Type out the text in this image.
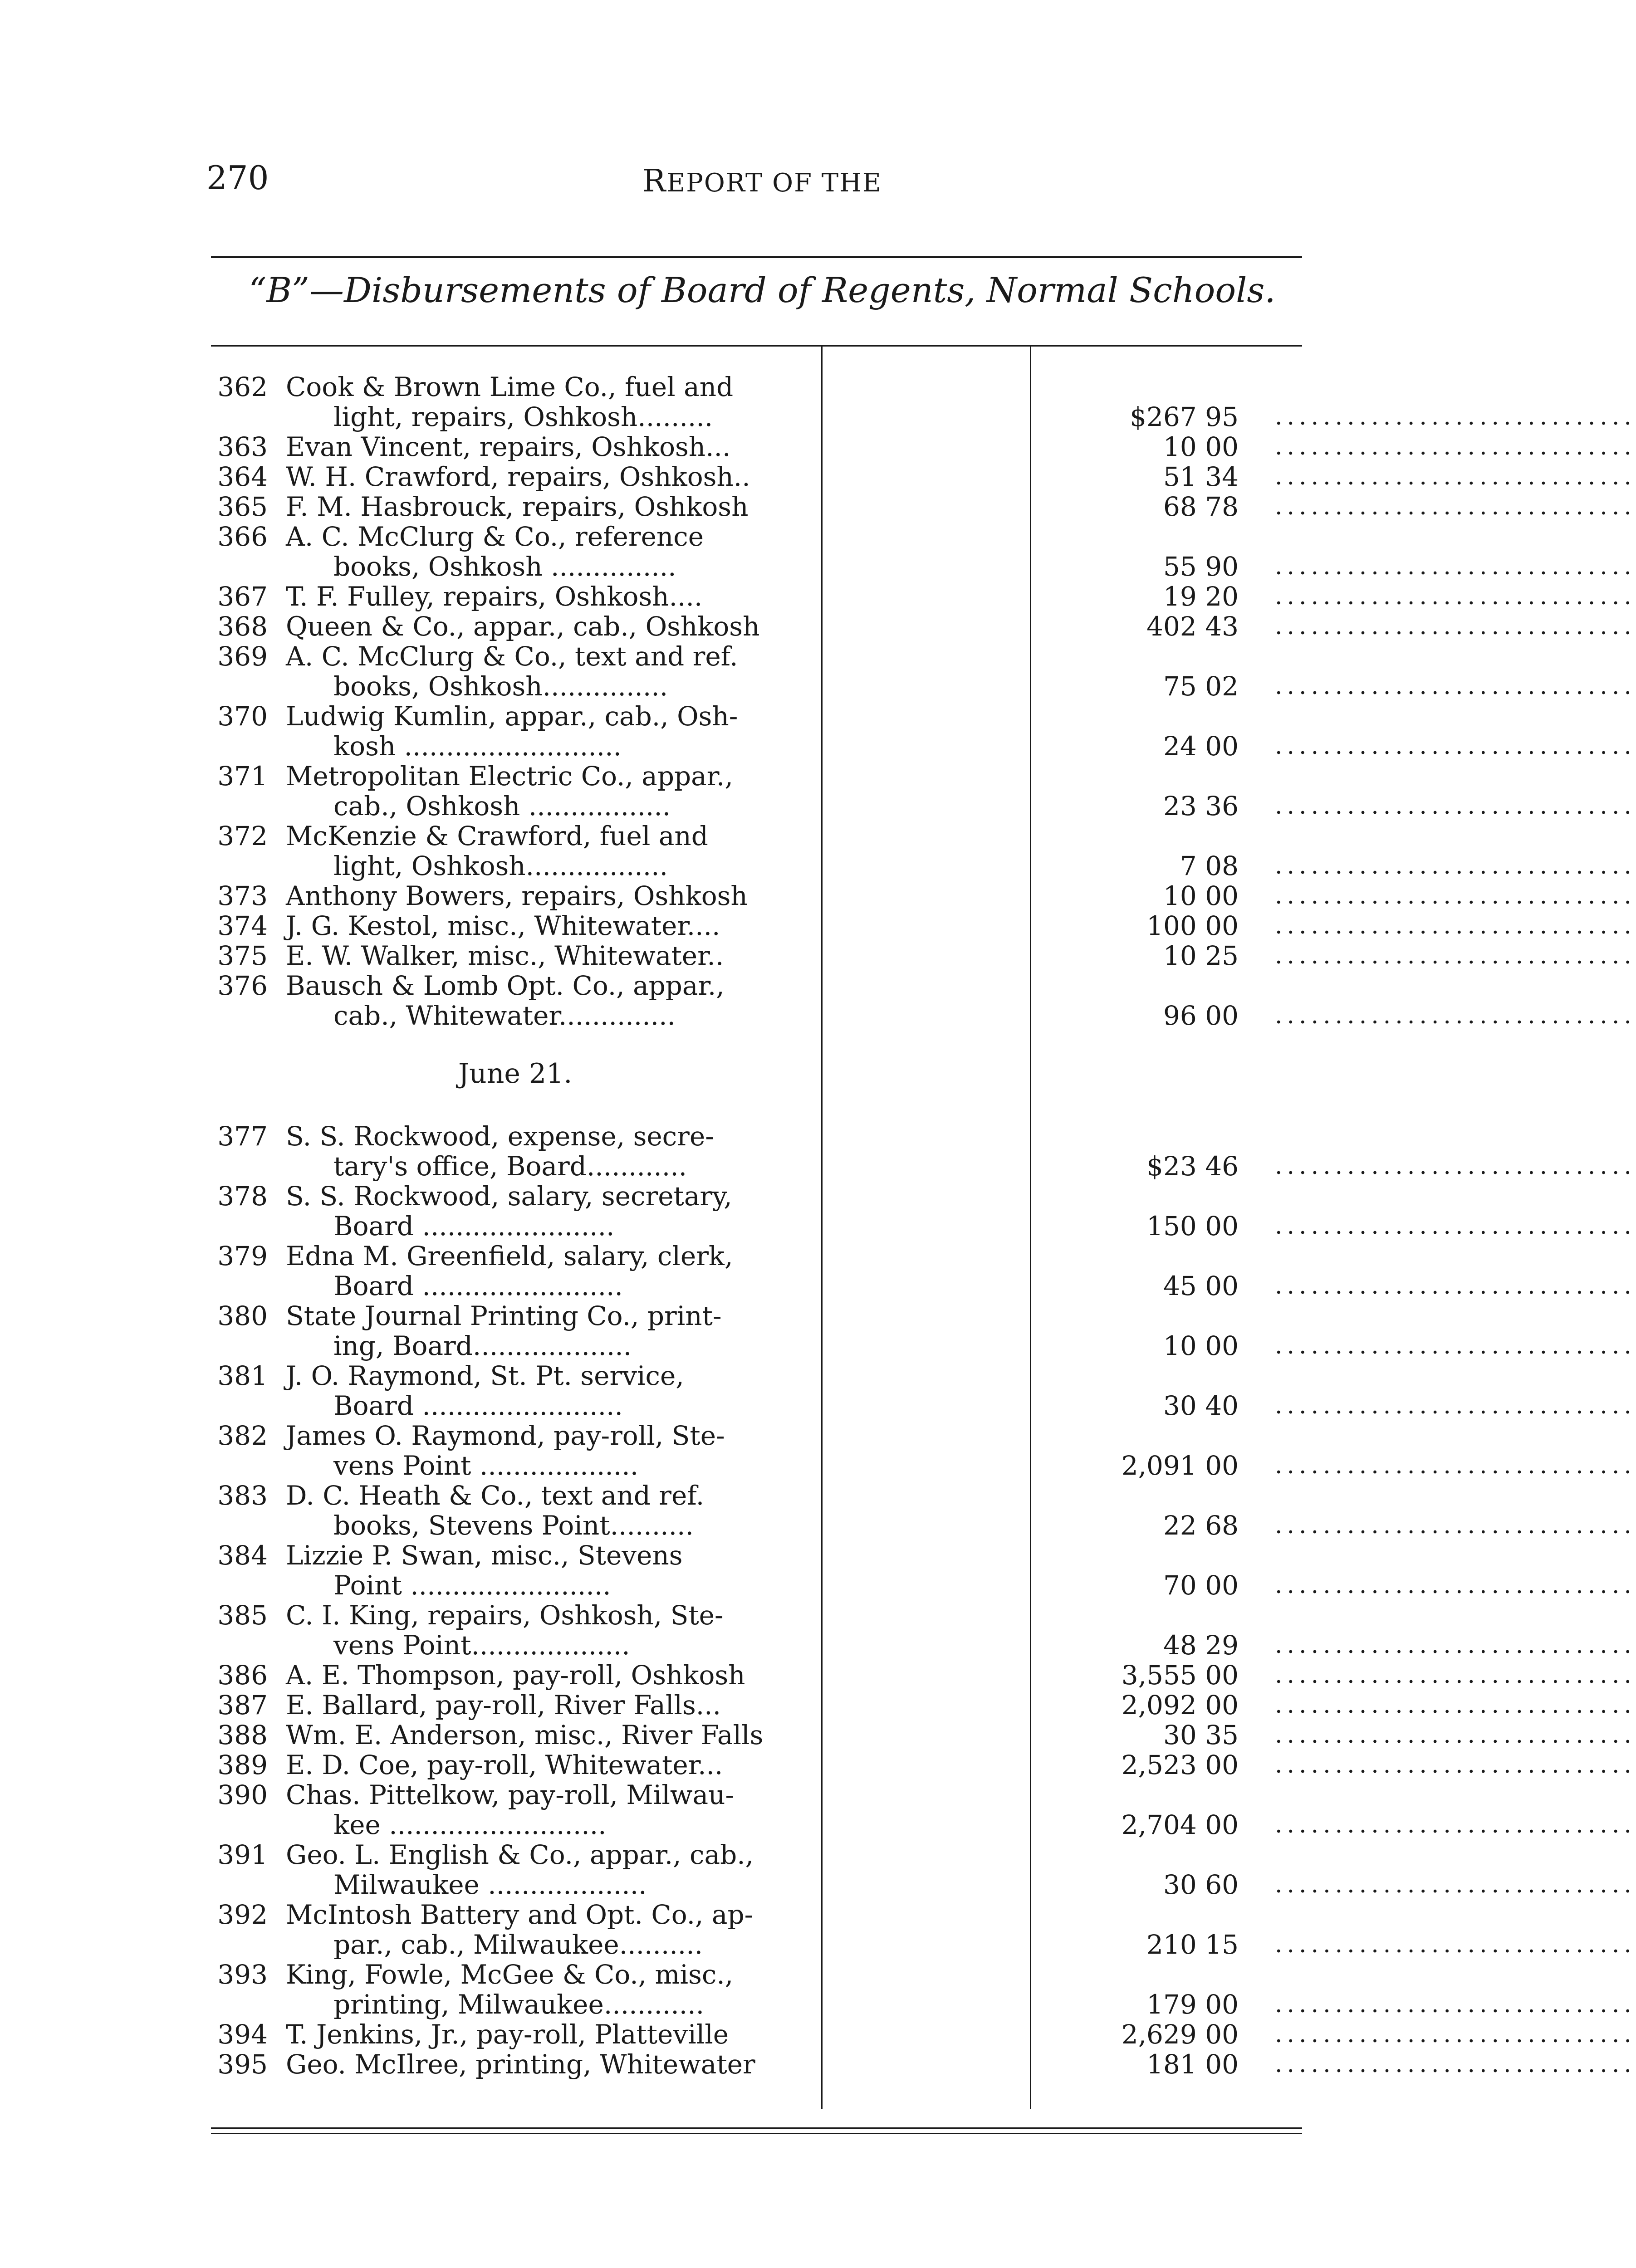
270	REPORT OF THE
“B”—Disbursements of Board of Regents, Normal Schools.
362 Cook & Brown Lime Co., fuel and
light, repairs, Oshkosh.........	$267 95 ..............................
363 Evan Vincent, repairs, Oshkosh...	10 00 ..............................
364 W. H. Crawford, repairs, Oshkosh..	51 34 ..............................
365 F. M. Hasbrouck, repairs, Oshkosh	68 78 ..............................
366 A. C. McClurg & Co., reference
books, Oshkosh ...............	55 90 ..............................
367 T. F. Fulley, repairs, Oshkosh....	19 20 ..............................
368 Queen & Co., appar., cab., Oshkosh	402 43 ..............................
369 A. C. McClurg & Co., text and ref.
books, Oshkosh...............	75 02 ..............................
370 Ludwig Kumlin, appar., cab., Osh-
kosh ..........................	24 00 ..............................
371 Metropolitan Electric Co., appar.,
cab., Oshkosh .................	23 36 ..............................
372 McKenzie & Crawford, fuel and
light, Oshkosh.................	7 08 ..............................
373 Anthony Bowers, repairs, Oshkosh	10 00 ..............................
374 J. G. Kestol, misc., Whitewater....	100 00 ..............................
375 E. W. Walker, misc., Whitewater..	10 25 ..............................
376 Bausch & Lomb Opt. Co., appar.,
cab., Whitewater..............	96 00 ..............................
June 21.
377 S. S. Rockwood, expense, secre-
tary's office, Board............	$23 46 ..............................
378 S. S. Rockwood, salary, secretary,
Board .......................	150 00 ..............................
379 Edna M. Greenfield, salary, clerk,
Board ........................	45 00 ..............................
380 State Journal Printing Co., print-
ing, Board...................	10 00 ..............................
381 J. O. Raymond, St. Pt. service,
Board ........................	30 40 ..............................
382 James O. Raymond, pay-roll, Ste-
vens Point ...................	2,091 00 ..............................
383 D. C. Heath & Co., text and ref.
books, Stevens Point..........	22 68 ..............................
384 Lizzie P. Swan, misc., Stevens
Point ........................	70 00 ..............................
385 C. I. King, repairs, Oshkosh, Ste-
vens Point...................	48 29 ..............................
386 A. E. Thompson, pay-roll, Oshkosh	3,555 00 ..............................
387 E. Ballard, pay-roll, River Falls...	2,092 00 ..............................
388 Wm. E. Anderson, misc., River Falls	30 35 ..............................
389 E. D. Coe, pay-roll, Whitewater...	2,523 00 ..............................
390 Chas. Pittelkow, pay-roll, Milwau-
kee ..........................	2,704 00 ..............................
391 Geo. L. English & Co., appar., cab.,
Milwaukee ...................	30 60 ..............................
392 McIntosh Battery and Opt. Co., ap-
par., cab., Milwaukee..........	210 15 ..............................
393 King, Fowle, McGee & Co., misc.,
printing, Milwaukee............	179 00 ..............................
394 T. Jenkins, Jr., pay-roll, Platteville	2,629 00 ..............................
395 Geo. McIlree, printing, Whitewater	181 00 ..............................
